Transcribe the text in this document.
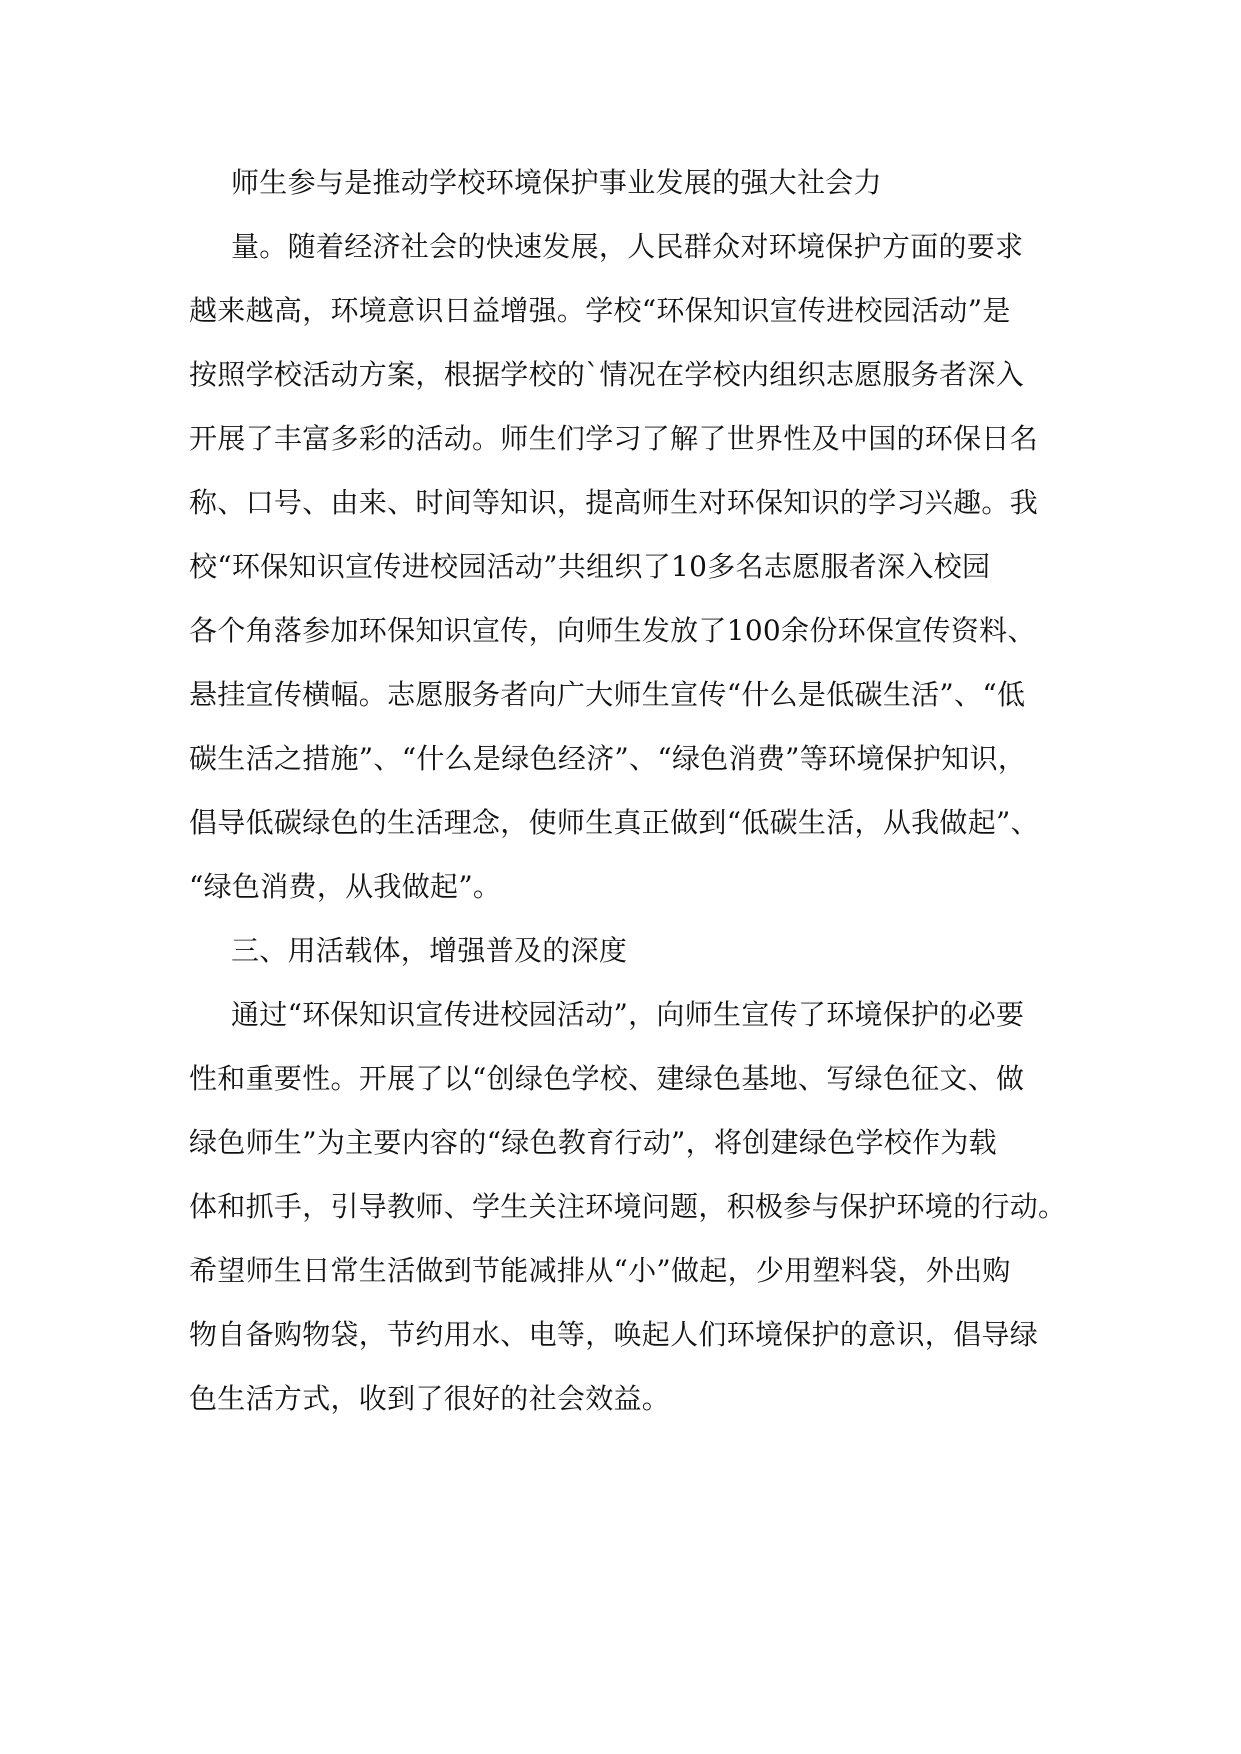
师生参与是推动学校环境保护事业发展的强大社会力
量。随着经济社会的快速发展，人民群众对环境保护方面的要求
越来越高，环境意识日益增强。学校“环保知识宣传进校园活动”是
按照学校活动方案，根据学校的`情况在学校内组织志愿服务者深入
开展了丰富多彩的活动。师生们学习了解了世界性及中国的环保日名
称、口号、由来、时间等知识，提高师生对环保知识的学习兴趣。我
校“环保知识宣传进校园活动”共组织了10多名志愿服者深入校园
各个角落参加环保知识宣传，向师生发放了100余份环保宣传资料、
悬挂宣传横幅。志愿服务者向广大师生宣传“什么是低碳生活”、“低
碳生活之措施”、“什么是绿色经济”、“绿色消费”等环境保护知识，
倡导低碳绿色的生活理念，使师生真正做到“低碳生活，从我做起”、
“绿色消费，从我做起”。
三、用活载体，增强普及的深度
通过“环保知识宣传进校园活动”，向师生宣传了环境保护的必要
性和重要性。开展了以“创绿色学校、建绿色基地、写绿色征文、做
绿色师生”为主要内容的“绿色教育行动”，将创建绿色学校作为载
体和抓手，引导教师、学生关注环境问题，积极参与保护环境的行动。
希望师生日常生活做到节能减排从“小”做起，少用塑料袋，外出购
物自备购物袋，节约用水、电等，唤起人们环境保护的意识，倡导绿
色生活方式，收到了很好的社会效益。
